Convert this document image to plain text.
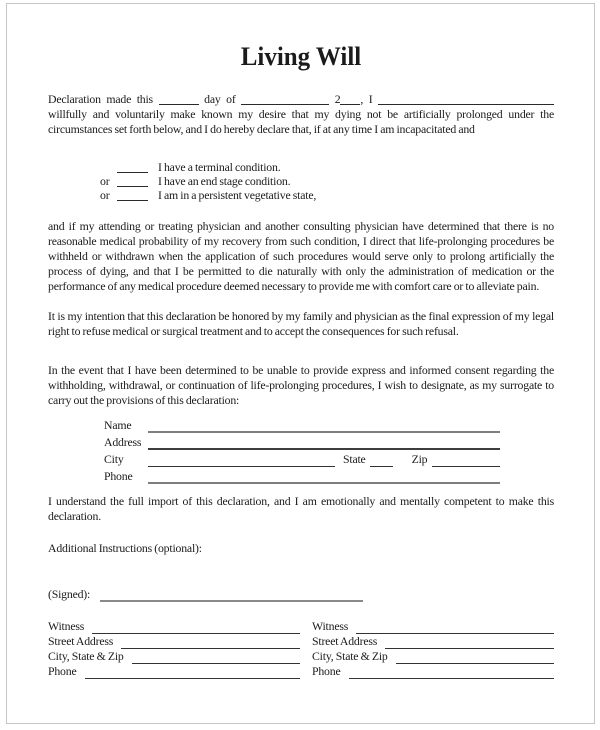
Living Will

Declaration made this	day of	2 , I  willfully and voluntarily make known my desire that my dying not be artificially prolonged under the circumstances set forth below, and I do hereby declare that, if at any time I am incapacitated and

I have a terminal condition.
or	I have an end stage condition.
or	I am in a persistent vegetative state,

and if my attending or treating physician and another consulting physician have determined that there is no reasonable medical probability of my recovery from such condition, I direct that life-prolonging procedures be withheld or withdrawn when the application of such procedures would serve only to prolong artificially the process of dying, and that I be permitted to die naturally with only the administration of medication or the performance of any medical procedure deemed necessary to provide me with comfort care or to alleviate pain.

It is my intention that this declaration be honored by my family and physician as the final expression of my legal right to refuse medical or surgical treatment and to accept the consequences for such refusal.

In the event that I have been determined to be unable to provide express and informed consent regarding the withholding, withdrawal, or continuation of life-prolonging procedures, I wish to designate, as my surrogate to carry out the provisions of this declaration:

Name
Address
City	State	Zip
Phone

I understand the full import of this declaration, and I am emotionally and mentally competent to make this declaration.

Additional Instructions (optional):

(Signed):
Witness
Street Address
City, State & Zip
Phone
Witness
Street Address
City, State & Zip
Phone
